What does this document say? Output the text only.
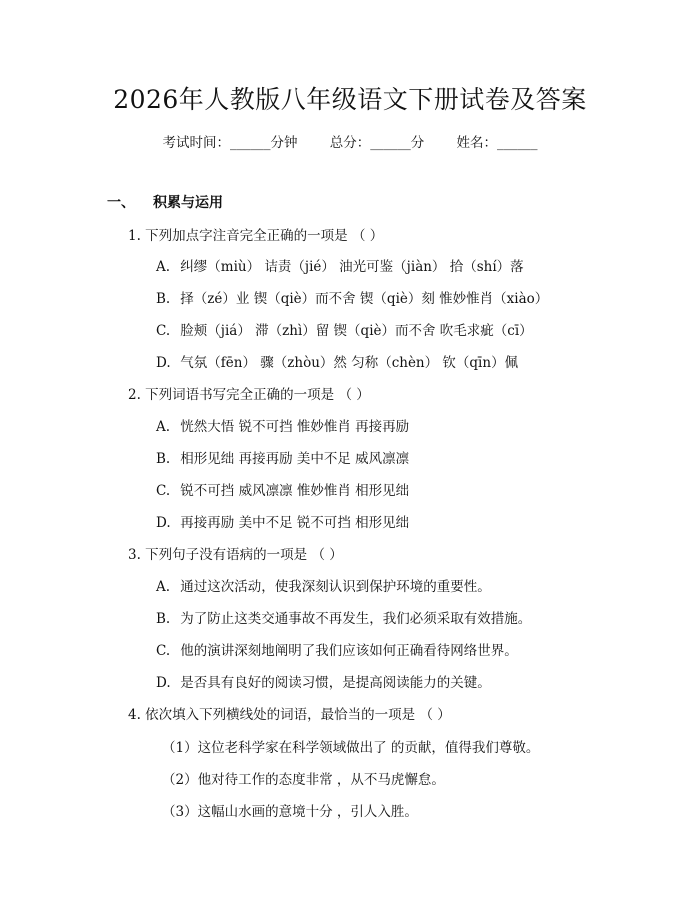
2026年人教版八年级语文下册试卷及答案
考试时间：______分钟 总分：______分 姓名：______
一、 积累与运用
1. 下列加点字注音完全正确的一项是 （ ）
A. 纠缪（miù） 诘责（jié） 油光可鉴（jiàn） 拾（shí）落
B. 择（zé）业 锲（qiè）而不舍 锲（qiè）刻 惟妙惟肖（xiào）
C. 脸颊（jiá） 滞（zhì）留 锲（qiè）而不舍 吹毛求疵（cī）
D. 气氛（fēn） 骤（zhòu）然 匀称（chèn） 钦（qīn）佩
2. 下列词语书写完全正确的一项是 （ ）
A. 恍然大悟 锐不可挡 惟妙惟肖 再接再励
B. 相形见绌 再接再励 美中不足 威风凛凛
C. 锐不可挡 威风凛凛 惟妙惟肖 相形见绌
D. 再接再励 美中不足 锐不可挡 相形见绌
3. 下列句子没有语病的一项是 （ ）
A. 通过这次活动，使我深刻认识到保护环境的重要性。
B. 为了防止这类交通事故不再发生，我们必须采取有效措施。
C. 他的演讲深刻地阐明了我们应该如何正确看待网络世界。
D. 是否具有良好的阅读习惯，是提高阅读能力的关键。
4. 依次填入下列横线处的词语，最恰当的一项是 （ ）
（1）这位老科学家在科学领域做出了 的贡献，值得我们尊敬。
（2）他对待工作的态度非常 ，从不马虎懈怠。
（3）这幅山水画的意境十分 ，引人入胜。
